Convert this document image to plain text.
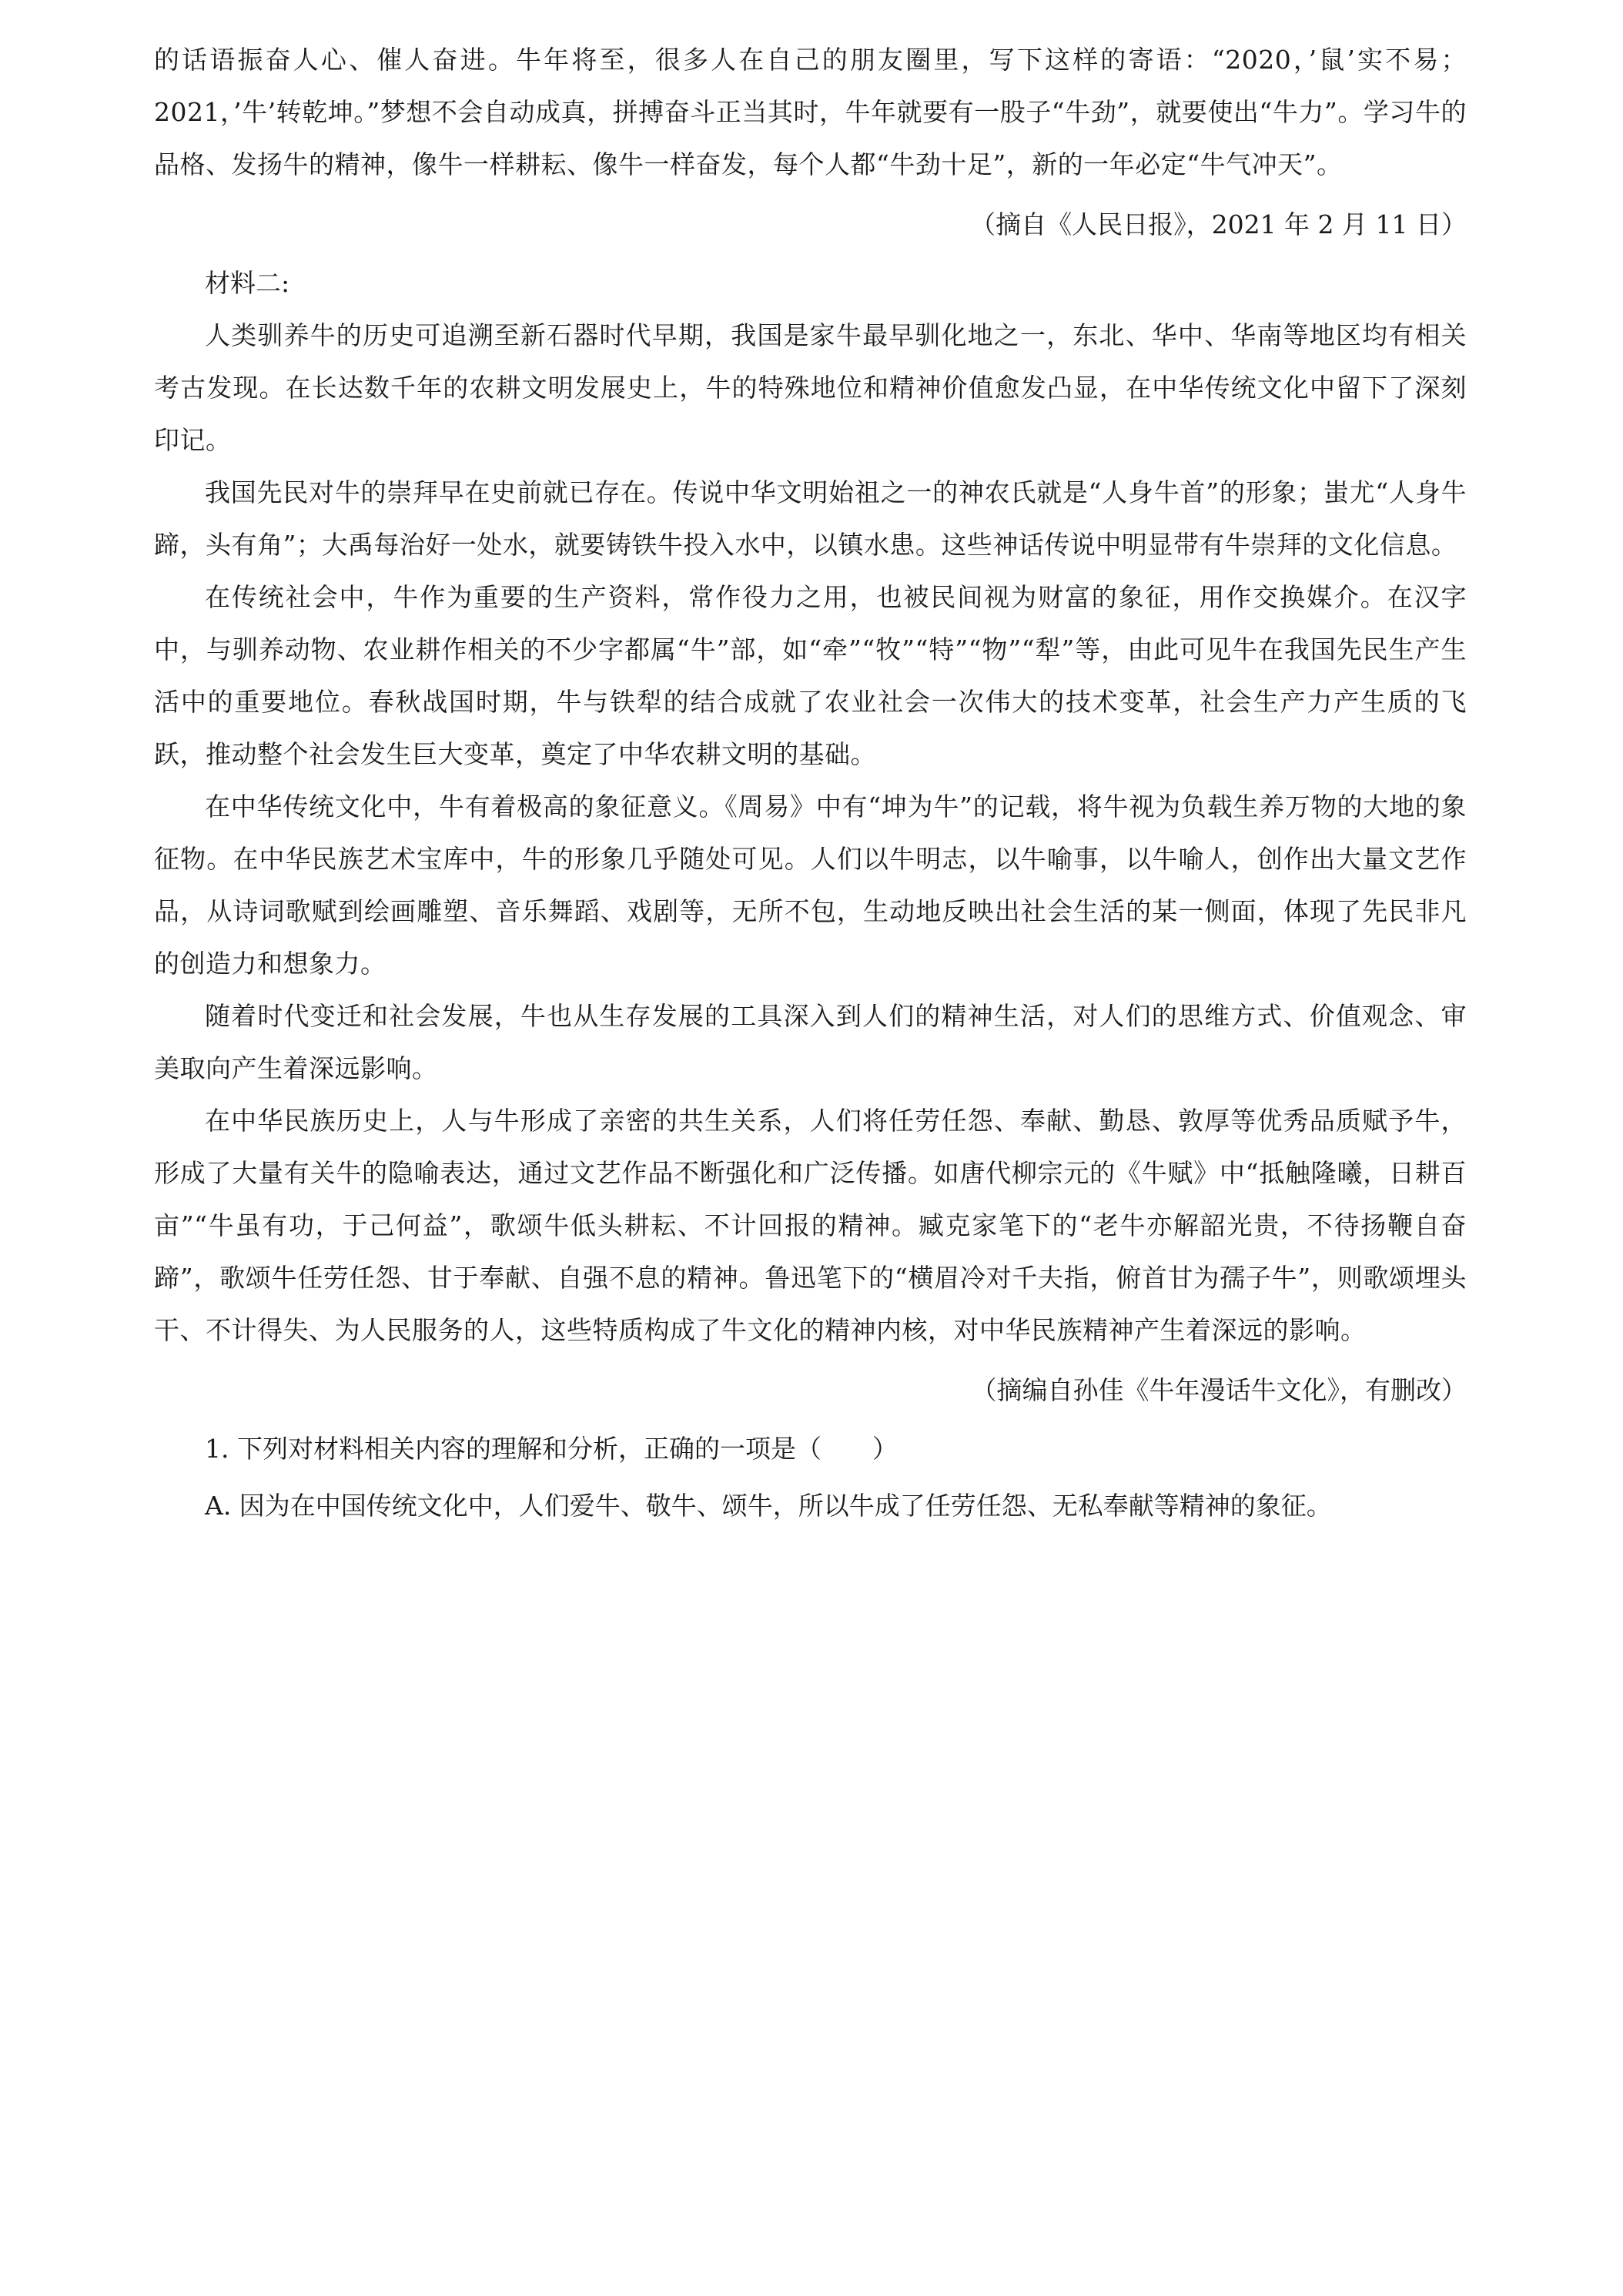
的话语振奋人心、催人奋进。牛年将至，很多人在自己的朋友圈里，写下这样的寄语：“2020，’鼠’实不易；2021，’牛’转乾坤。”梦想不会自动成真，拼搏奋斗正当其时，牛年就要有一股子“牛劲”，就要使出“牛力”。学习牛的品格、发扬牛的精神，像牛一样耕耘、像牛一样奋发，每个人都“牛劲十足”，新的一年必定“牛气冲天”。

（摘自《人民日报》，2021 年 2 月 11 日）

材料二:

人类驯养牛的历史可追溯至新石器时代早期，我国是家牛最早驯化地之一，东北、华中、华南等地区均有相关考古发现。在长达数千年的农耕文明发展史上，牛的特殊地位和精神价值愈发凸显，在中华传统文化中留下了深刻印记。

我国先民对牛的崇拜早在史前就已存在。传说中华文明始祖之一的神农氏就是“人身牛首”的形象；蚩尤“人身牛蹄，头有角”；大禹每治好一处水，就要铸铁牛投入水中，以镇水患。这些神话传说中明显带有牛崇拜的文化信息。

在传统社会中，牛作为重要的生产资料，常作役力之用，也被民间视为财富的象征，用作交换媒介。在汉字中，与驯养动物、农业耕作相关的不少字都属“牛”部，如“牵”“牧”“特”“物”“犁”等，由此可见牛在我国先民生产生活中的重要地位。春秋战国时期，牛与铁犁的结合成就了农业社会一次伟大的技术变革，社会生产力产生质的飞跃，推动整个社会发生巨大变革，奠定了中华农耕文明的基础。

在中华传统文化中，牛有着极高的象征意义。《周易》中有“坤为牛”的记载，将牛视为负载生养万物的大地的象征物。在中华民族艺术宝库中，牛的形象几乎随处可见。人们以牛明志，以牛喻事，以牛喻人，创作出大量文艺作品，从诗词歌赋到绘画雕塑、音乐舞蹈、戏剧等，无所不包，生动地反映出社会生活的某一侧面，体现了先民非凡的创造力和想象力。

随着时代变迁和社会发展，牛也从生存发展的工具深入到人们的精神生活，对人们的思维方式、价值观念、审美取向产生着深远影响。

在中华民族历史上，人与牛形成了亲密的共生关系，人们将任劳任怨、奉献、勤恳、敦厚等优秀品质赋予牛，形成了大量有关牛的隐喻表达，通过文艺作品不断强化和广泛传播。如唐代柳宗元的《牛赋》中“抵触隆曦，日耕百亩”“牛虽有功，于己何益”，歌颂牛低头耕耘、不计回报的精神。臧克家笔下的“老牛亦解韶光贵，不待扬鞭自奋蹄”，歌颂牛任劳任怨、甘于奉献、自强不息的精神。鲁迅笔下的“横眉冷对千夫指，俯首甘为孺子牛”，则歌颂埋头干、不计得失、为人民服务的人，这些特质构成了牛文化的精神内核，对中华民族精神产生着深远的影响。

（摘编自孙佳《牛年漫话牛文化》，有删改）

1. 下列对材料相关内容的理解和分析，正确的一项是（　　）

A. 因为在中国传统文化中，人们爱牛、敬牛、颂牛，所以牛成了任劳任怨、无私奉献等精神的象征。
